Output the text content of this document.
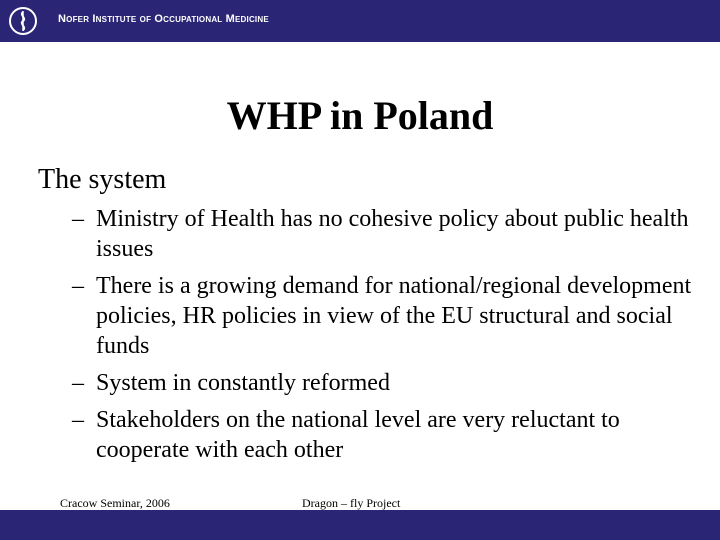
Nofer Institute of Occupational Medicine
WHP in Poland
The system
– Ministry of Health has no cohesive policy about public health issues
– There is a growing demand for national/regional development policies, HR policies in view of the EU structural and social funds
– System in constantly reformed
– Stakeholders on the national level are very reluctant to cooperate with each other
Cracow Seminar, 2006	Dragon – fly Project
